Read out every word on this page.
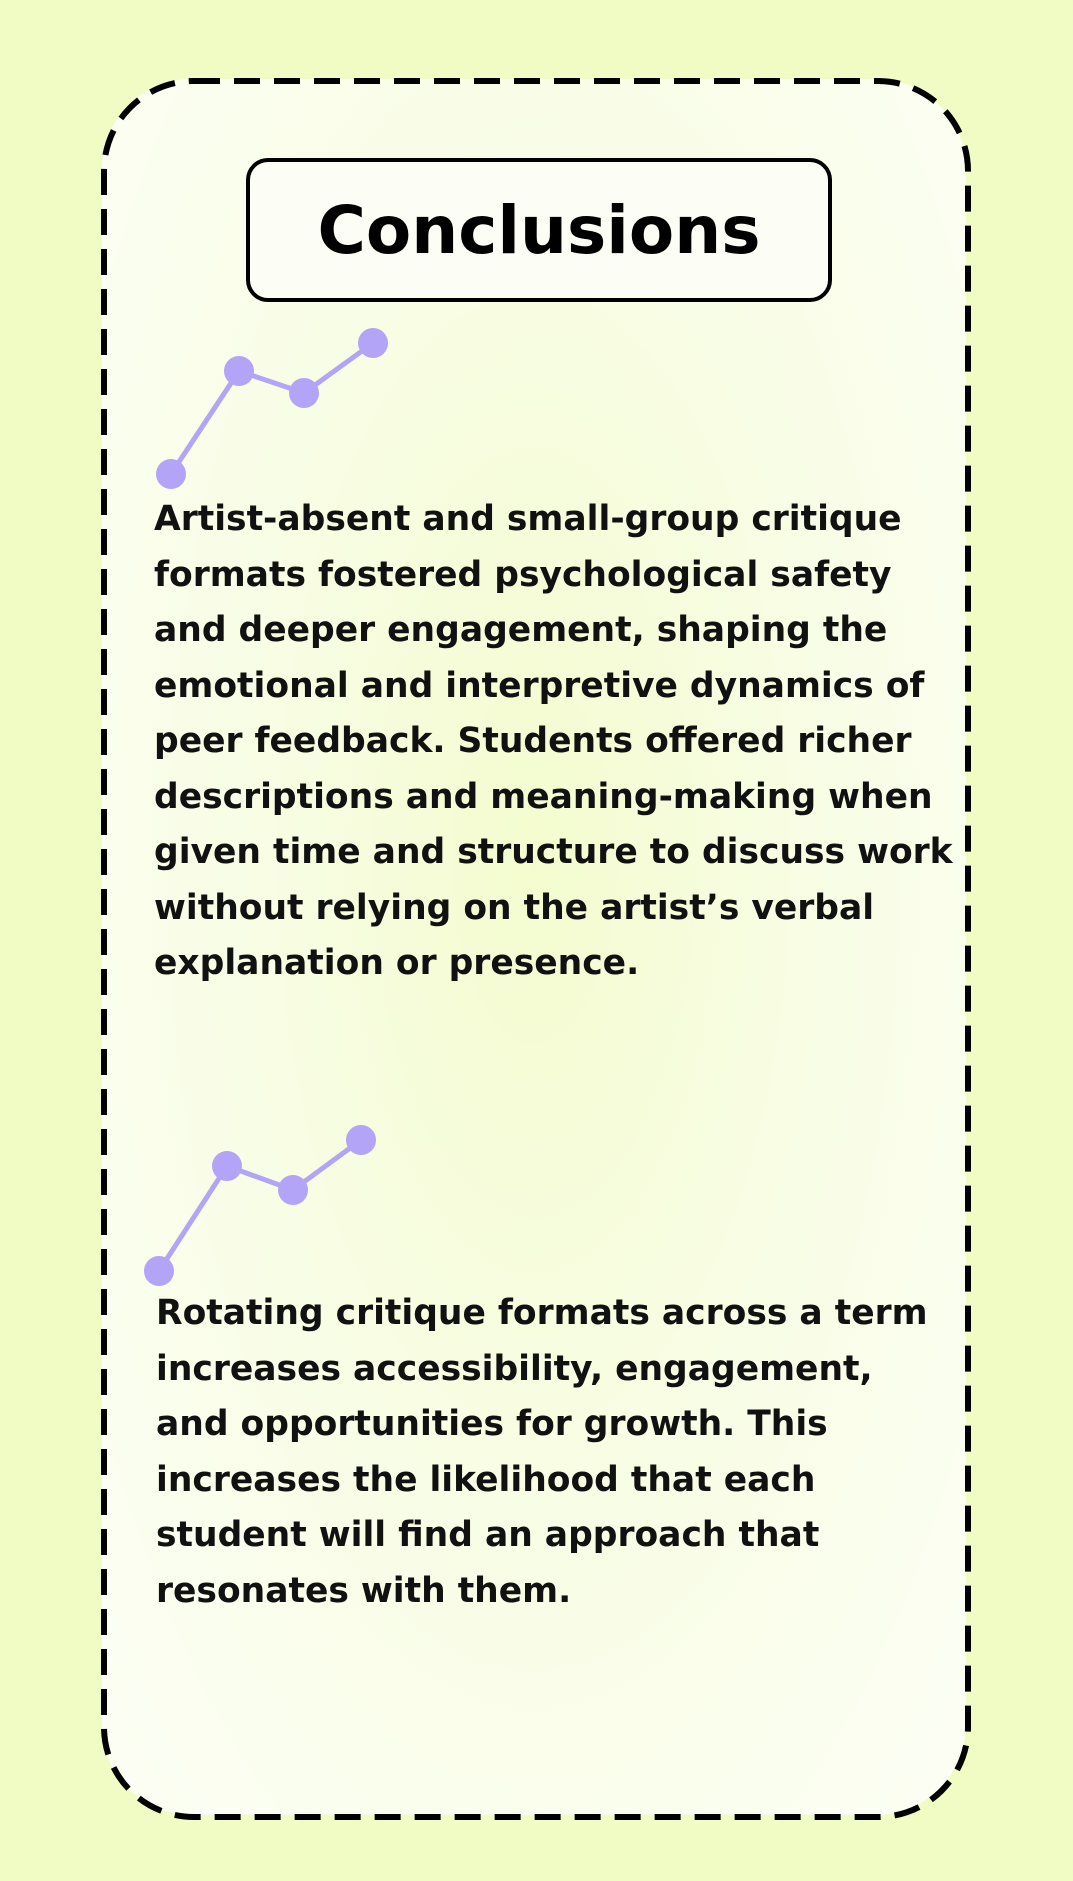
Conclusions

Artist-absent and small-group critique formats fostered psychological safety and deeper engagement, shaping the emotional and interpretive dynamics of peer feedback. Students offered richer descriptions and meaning-making when given time and structure to discuss work without relying on the artist’s verbal explanation or presence.

Rotating critique formats across a term increases accessibility, engagement, and opportunities for growth. This increases the likelihood that each student will find an approach that resonates with them.
